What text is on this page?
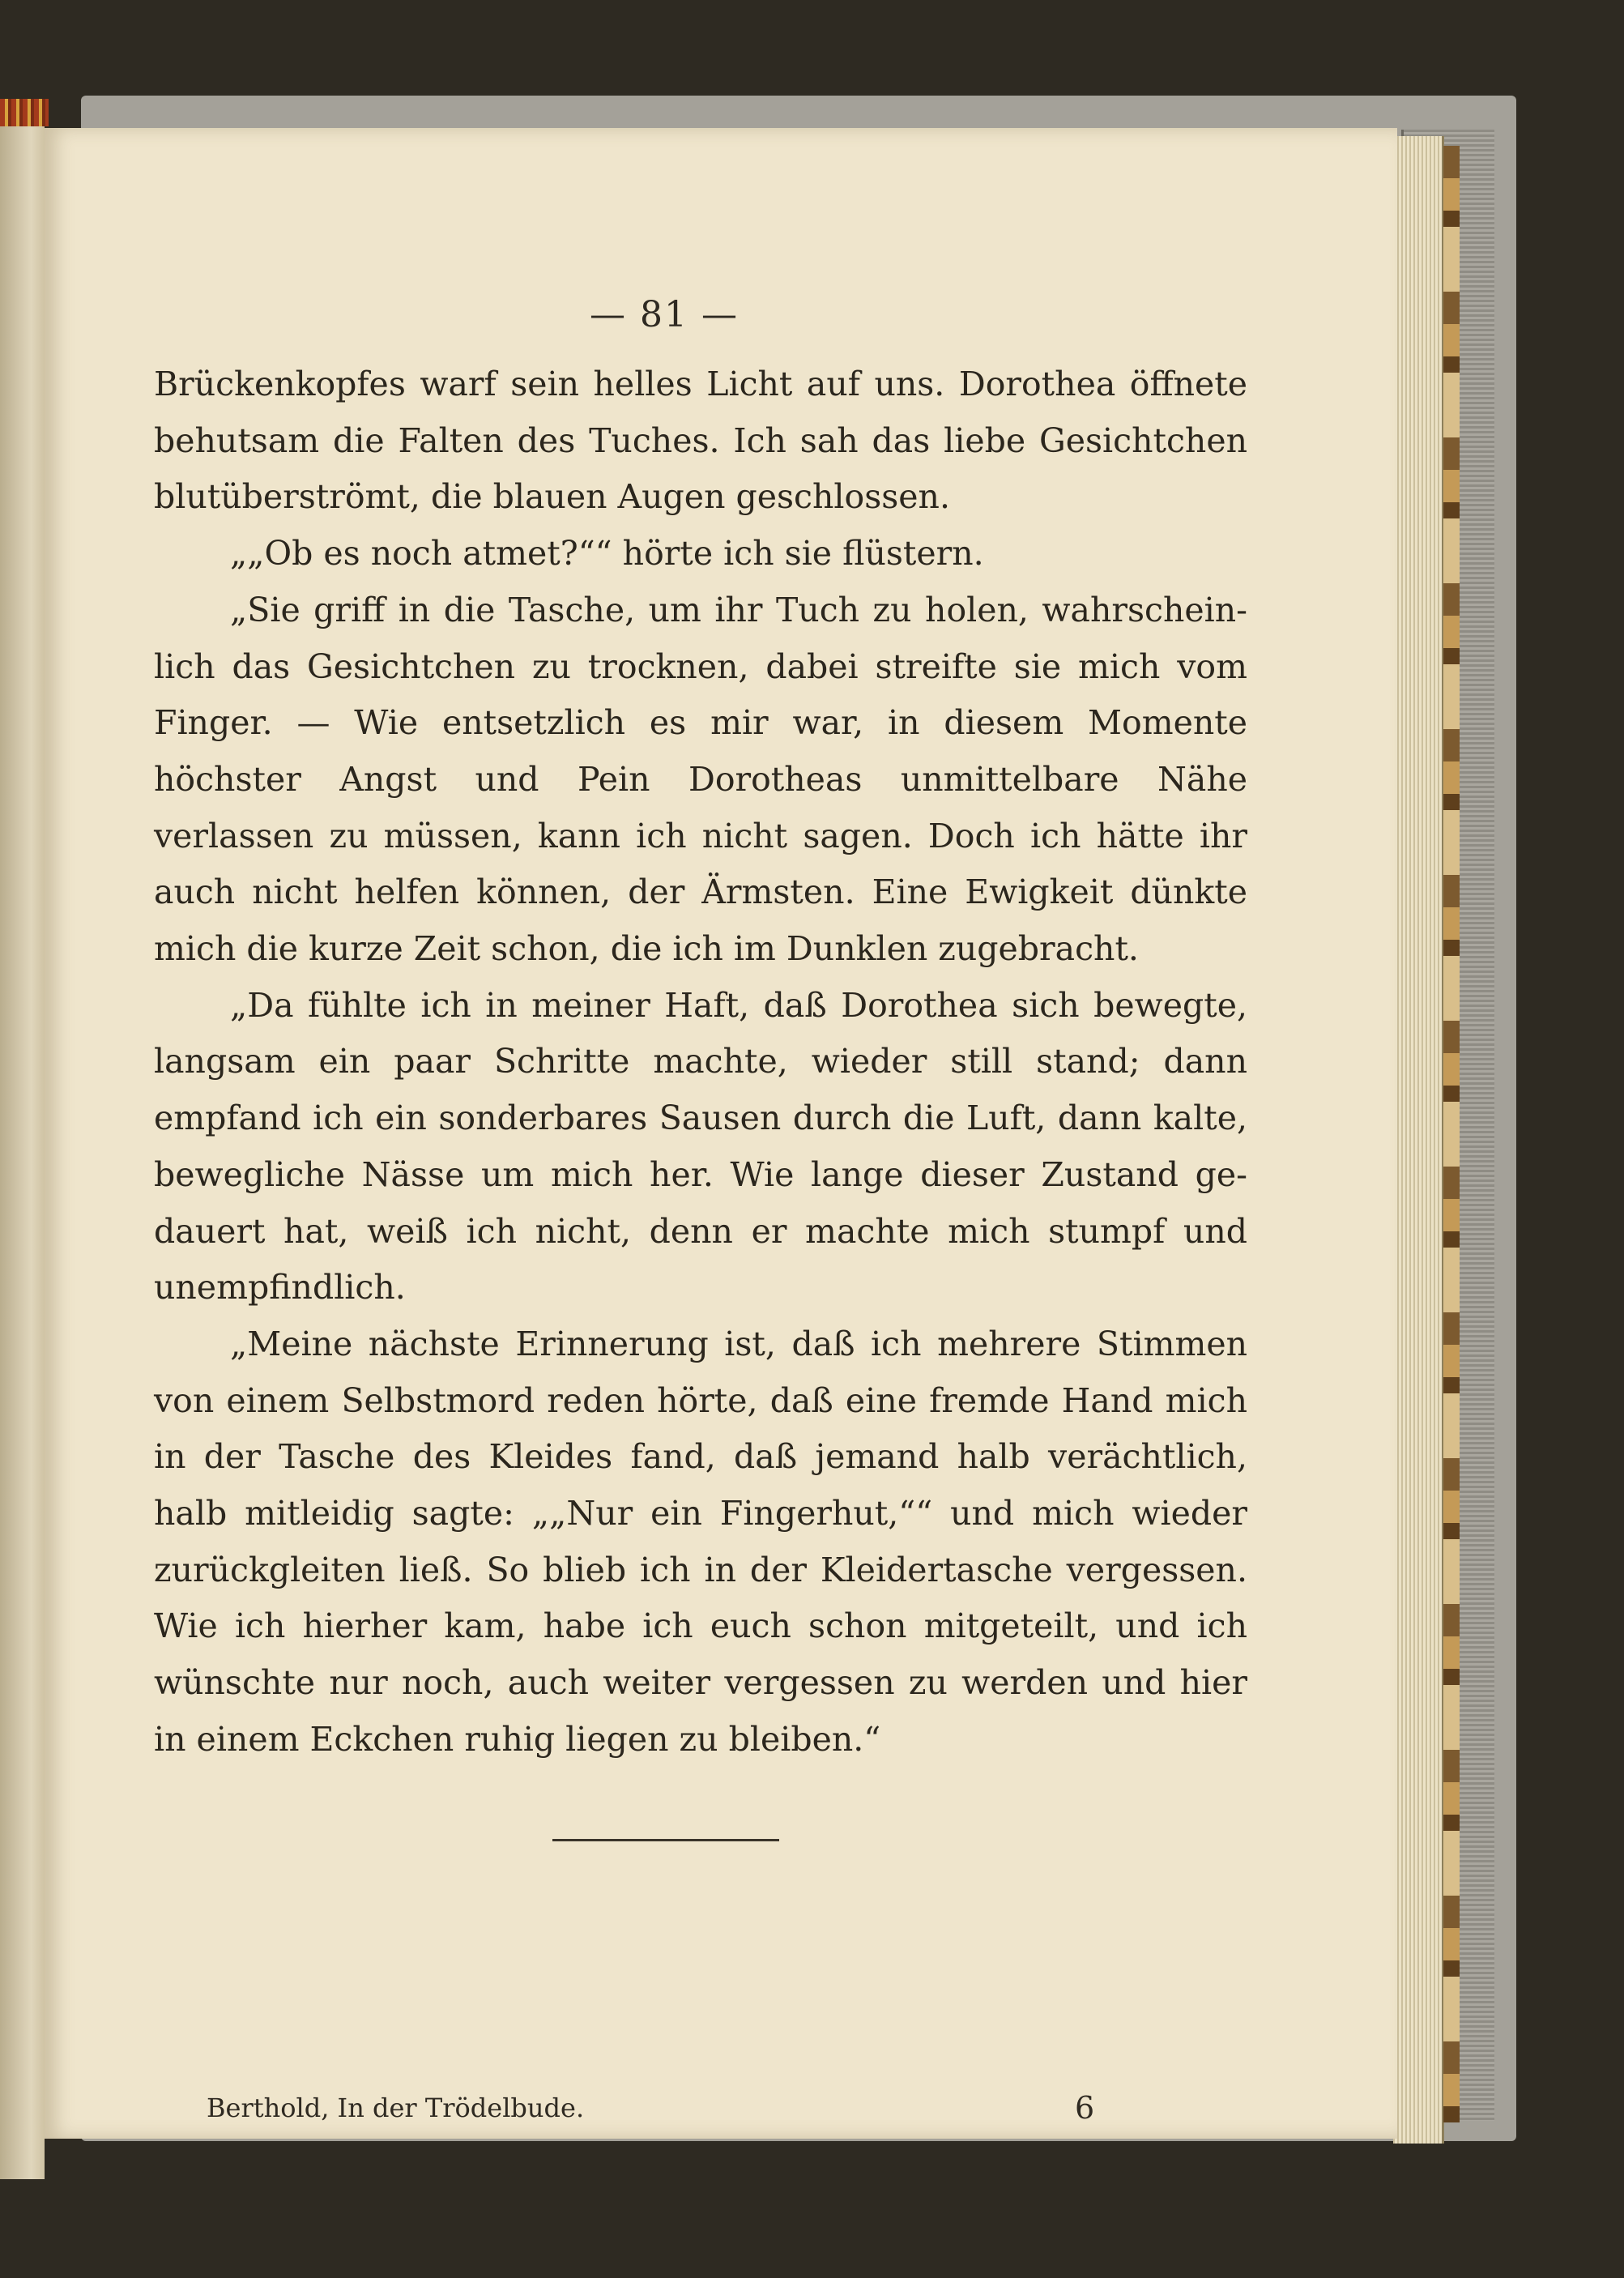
— 81 —

Brückenkopfes warf sein helles Licht auf uns. Dorothea öffnete behutsam die Falten des Tuches. Ich sah das liebe Gesichtchen blutüberströmt, die blauen Augen geschlossen.

„„Ob es noch atmet?““ hörte ich sie flüstern.

„Sie griff in die Tasche, um ihr Tuch zu holen, wahrschein-lich das Gesichtchen zu trocknen, dabei streifte sie mich vom Finger. — Wie entsetzlich es mir war, in diesem Momente höchster Angst und Pein Dorotheas unmittelbare Nähe verlassen zu müssen, kann ich nicht sagen. Doch ich hätte ihr auch nicht helfen können, der Ärmsten. Eine Ewigkeit dünkte mich die kurze Zeit schon, die ich im Dunklen zugebracht.

„Da fühlte ich in meiner Haft, daß Dorothea sich bewegte, langsam ein paar Schritte machte, wieder still stand; dann empfand ich ein sonderbares Sausen durch die Luft, dann kalte, bewegliche Nässe um mich her. Wie lange dieser Zustand ge-dauert hat, weiß ich nicht, denn er machte mich stumpf und unempfindlich.

„Meine nächste Erinnerung ist, daß ich mehrere Stimmen von einem Selbstmord reden hörte, daß eine fremde Hand mich in der Tasche des Kleides fand, daß jemand halb verächtlich, halb mitleidig sagte: „„Nur ein Fingerhut,““ und mich wieder zurückgleiten ließ. So blieb ich in der Kleidertasche vergessen. Wie ich hierher kam, habe ich euch schon mitgeteilt, und ich wünschte nur noch, auch weiter vergessen zu werden und hier in einem Eckchen ruhig liegen zu bleiben.“

Berthold, In der Trödelbude.	6
